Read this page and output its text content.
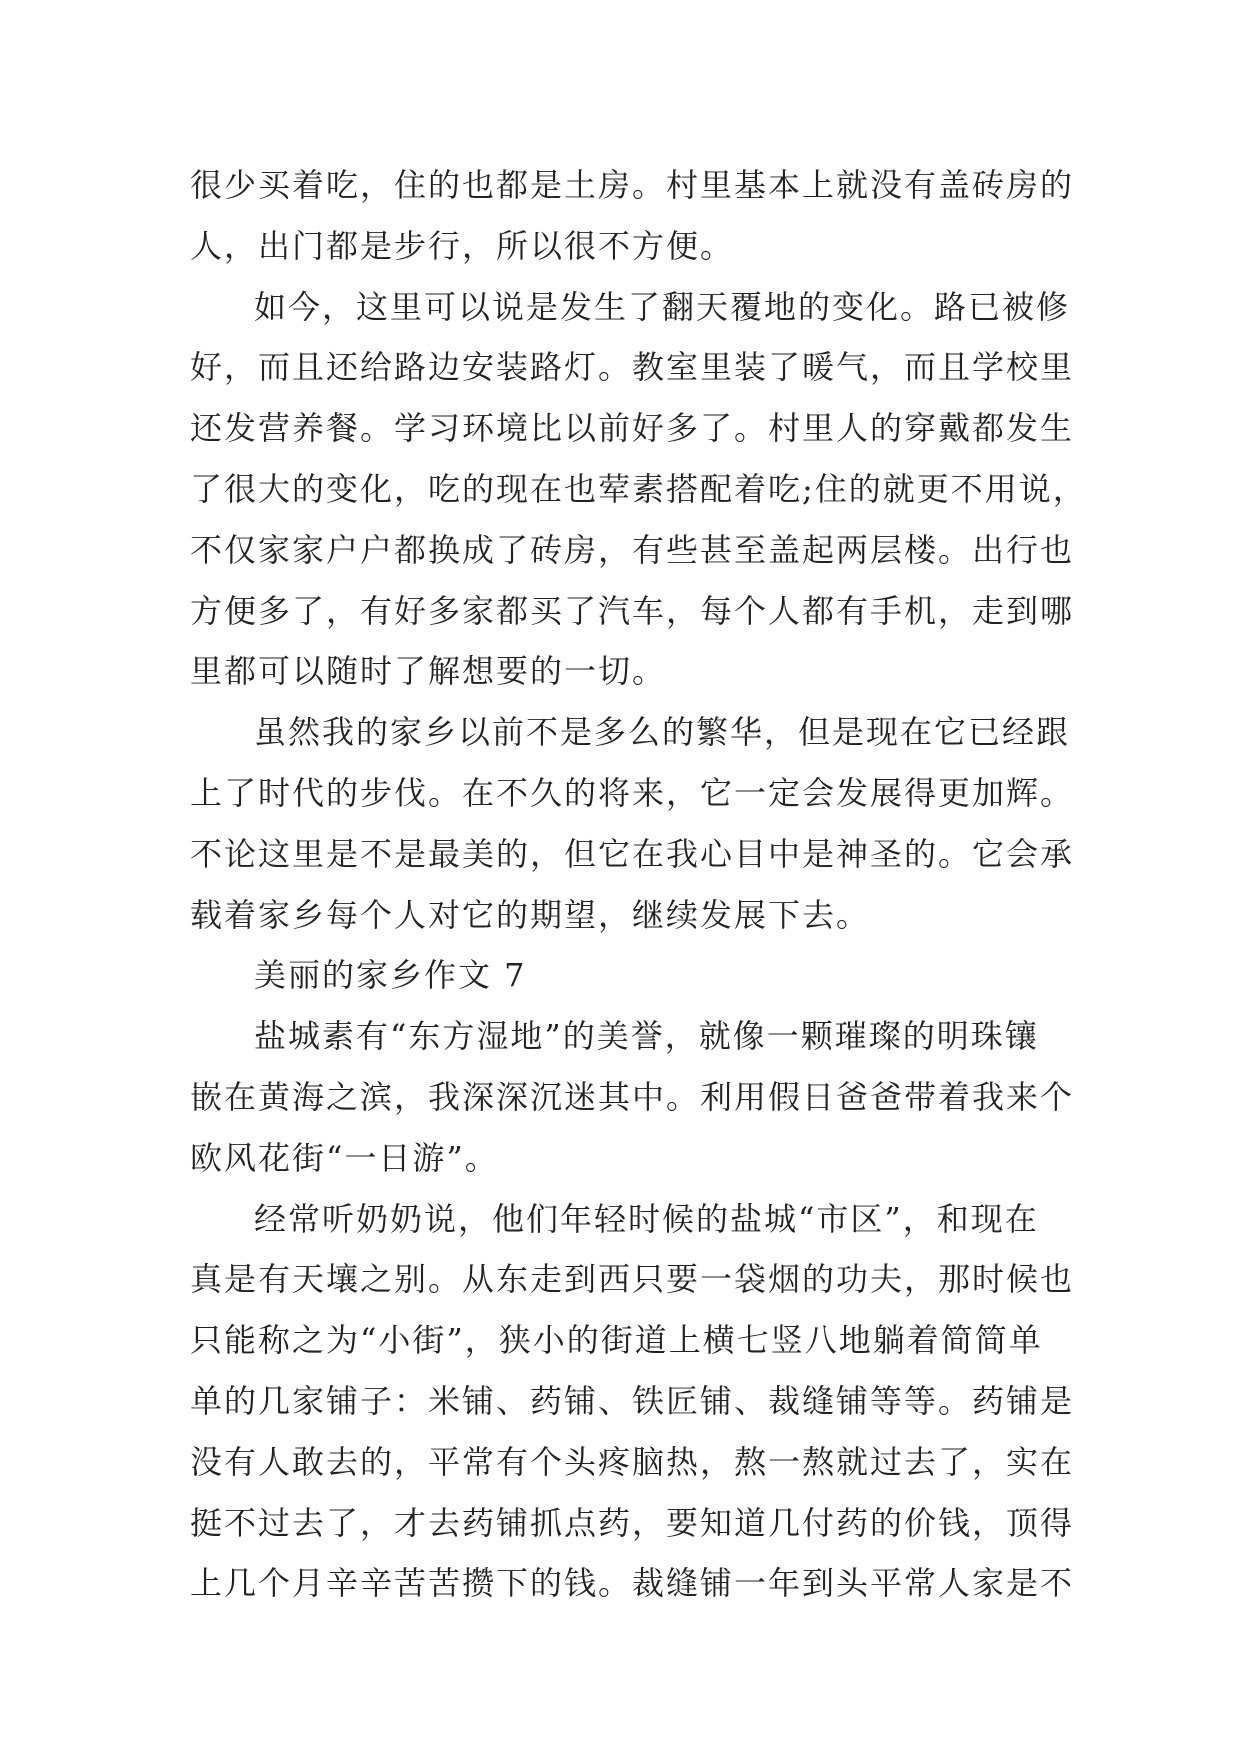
很少买着吃，住的也都是土房。村里基本上就没有盖砖房的
人，出门都是步行，所以很不方便。
如今，这里可以说是发生了翻天覆地的变化。路已被修
好，而且还给路边安装路灯。教室里装了暖气，而且学校里
还发营养餐。学习环境比以前好多了。村里人的穿戴都发生
了很大的变化，吃的现在也荤素搭配着吃;住的就更不用说，
不仅家家户户都换成了砖房，有些甚至盖起两层楼。出行也
方便多了，有好多家都买了汽车，每个人都有手机，走到哪
里都可以随时了解想要的一切。
虽然我的家乡以前不是多么的繁华，但是现在它已经跟
上了时代的步伐。在不久的将来，它一定会发展得更加辉。
不论这里是不是最美的，但它在我心目中是神圣的。它会承
载着家乡每个人对它的期望，继续发展下去。
美丽的家乡作文 7
盐城素有“东方湿地”的美誉，就像一颗璀璨的明珠镶
嵌在黄海之滨，我深深沉迷其中。利用假日爸爸带着我来个
欧风花街“一日游”。
经常听奶奶说，他们年轻时候的盐城“市区”，和现在
真是有天壤之别。从东走到西只要一袋烟的功夫，那时候也
只能称之为“小街”，狭小的街道上横七竖八地躺着简简单
单的几家铺子：米铺、药铺、铁匠铺、裁缝铺等等。药铺是
没有人敢去的，平常有个头疼脑热，熬一熬就过去了，实在
挺不过去了，才去药铺抓点药，要知道几付药的价钱，顶得
上几个月辛辛苦苦攒下的钱。裁缝铺一年到头平常人家是不
